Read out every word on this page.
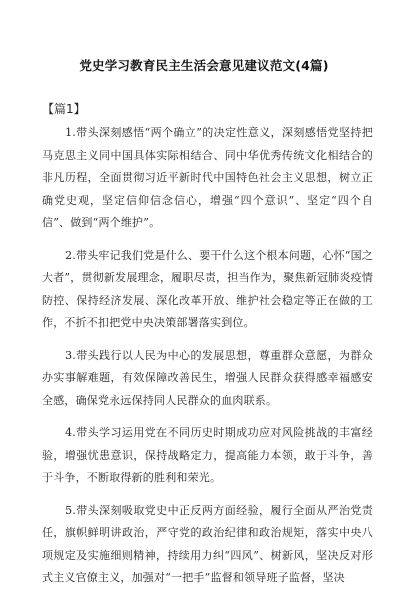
党史学习教育民主生活会意见建议范文(4篇)
【篇1】

1.带头深刻感悟“两个确立”的决定性意义，深刻感悟党坚持把马克思主义同中国具体实际相结合、同中华优秀传统文化相结合的非凡历程，全面贯彻习近平新时代中国特色社会主义思想，树立正确党史观，坚定信仰信念信心，增强“四个意识”、坚定“四个自信”、做到“两个维护”。

2.带头牢记我们党是什么、要干什么这个根本问题，心怀“国之大者”，贯彻新发展理念，履职尽责，担当作为，聚焦新冠肺炎疫情防控、保持经济发展、深化改革开放、维护社会稳定等正在做的工作，不折不扣把党中央决策部署落实到位。

3.带头践行以人民为中心的发展思想，尊重群众意愿，为群众办实事解难题，有效保障改善民生，增强人民群众获得感幸福感安全感，确保党永远保持同人民群众的血肉联系。

4.带头学习运用党在不同历史时期成功应对风险挑战的丰富经验，增强忧患意识，保持战略定力，提高能力本领，敢于斗争，善于斗争，不断取得新的胜利和荣光。

5.带头深刻吸取党史中正反两方面经验，履行全面从严治党责任，旗帜鲜明讲政治，严守党的政治纪律和政治规矩，落实中央八项规定及实施细则精神，持续用力纠“四风”、树新风，坚决反对形式主义官僚主义，加强对“一把手”监督和领导班子监督，坚决
